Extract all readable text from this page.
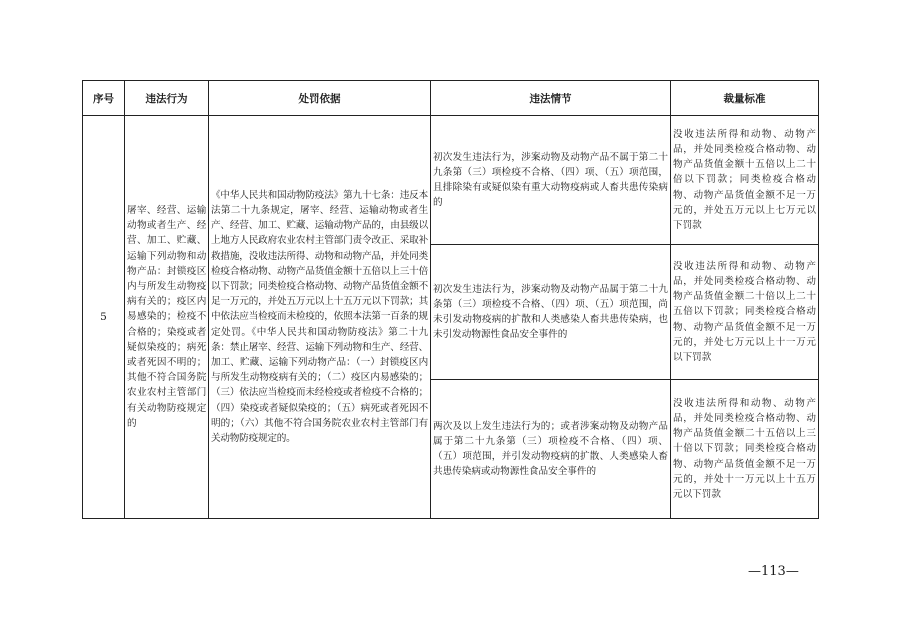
序号	违法行为	处罚依据	违法情节	裁量标准
5	屠宰、经营、运输动物或者生产、经营、加工、贮藏、运输下列动物和动物产品：封锁疫区内与所发生动物疫病有关的；疫区内易感染的；检疫不合格的；染疫或者疑似染疫的；病死或者死因不明的；其他不符合国务院农业农村主管部门有关动物防疫规定的	《中华人民共和国动物防疫法》第九十七条：违反本法第二十九条规定，屠宰、经营、运输动物或者生产、经营、加工、贮藏、运输动物产品的，由县级以上地方人民政府农业农村主管部门责令改正、采取补救措施，没收违法所得、动物和动物产品，并处同类检疫合格动物、动物产品货值金额十五倍以上三十倍以下罚款；同类检疫合格动物、动物产品货值金额不足一万元的，并处五万元以上十五万元以下罚款；其中依法应当检疫而未检疫的，依照本法第一百条的规定处罚。《中华人民共和国动物防疫法》第二十九条：禁止屠宰、经营、运输下列动物和生产、经营、加工、贮藏、运输下列动物产品：（一）封锁疫区内与所发生动物疫病有关的；（二）疫区内易感染的；（三）依法应当检疫而未经检疫或者检疫不合格的；（四）染疫或者疑似染疫的；（五）病死或者死因不明的；（六）其他不符合国务院农业农村主管部门有关动物防疫规定的。	初次发生违法行为，涉案动物及动物产品不属于第二十九条第（三）项检疫不合格、（四）项、（五）项范围，且排除染有或疑似染有重大动物疫病或人畜共患传染病的	没收违法所得和动物、动物产品，并处同类检疫合格动物、动物产品货值金额十五倍以上二十倍以下罚款；同类检疫合格动物、动物产品货值金额不足一万元的，并处五万元以上七万元以下罚款

			初次发生违法行为，涉案动物及动物产品属于第二十九条第（三）项检疫不合格、（四）项、（五）项范围，尚未引发动物疫病的扩散和人类感染人畜共患传染病，也未引发动物源性食品安全事件的	没收违法所得和动物、动物产品，并处同类检疫合格动物、动物产品货值金额二十倍以上二十五倍以下罚款；同类检疫合格动物、动物产品货值金额不足一万元的，并处七万元以上十一万元以下罚款

			两次及以上发生违法行为的；或者涉案动物及动物产品属于第二十九条第（三）项检疫不合格、（四）项、（五）项范围，并引发动物疫病的扩散、人类感染人畜共患传染病或动物源性食品安全事件的	没收违法所得和动物、动物产品，并处同类检疫合格动物、动物产品货值金额二十五倍以上三十倍以下罚款；同类检疫合格动物、动物产品货值金额不足一万元的，并处十一万元以上十五万元以下罚款
—113—
